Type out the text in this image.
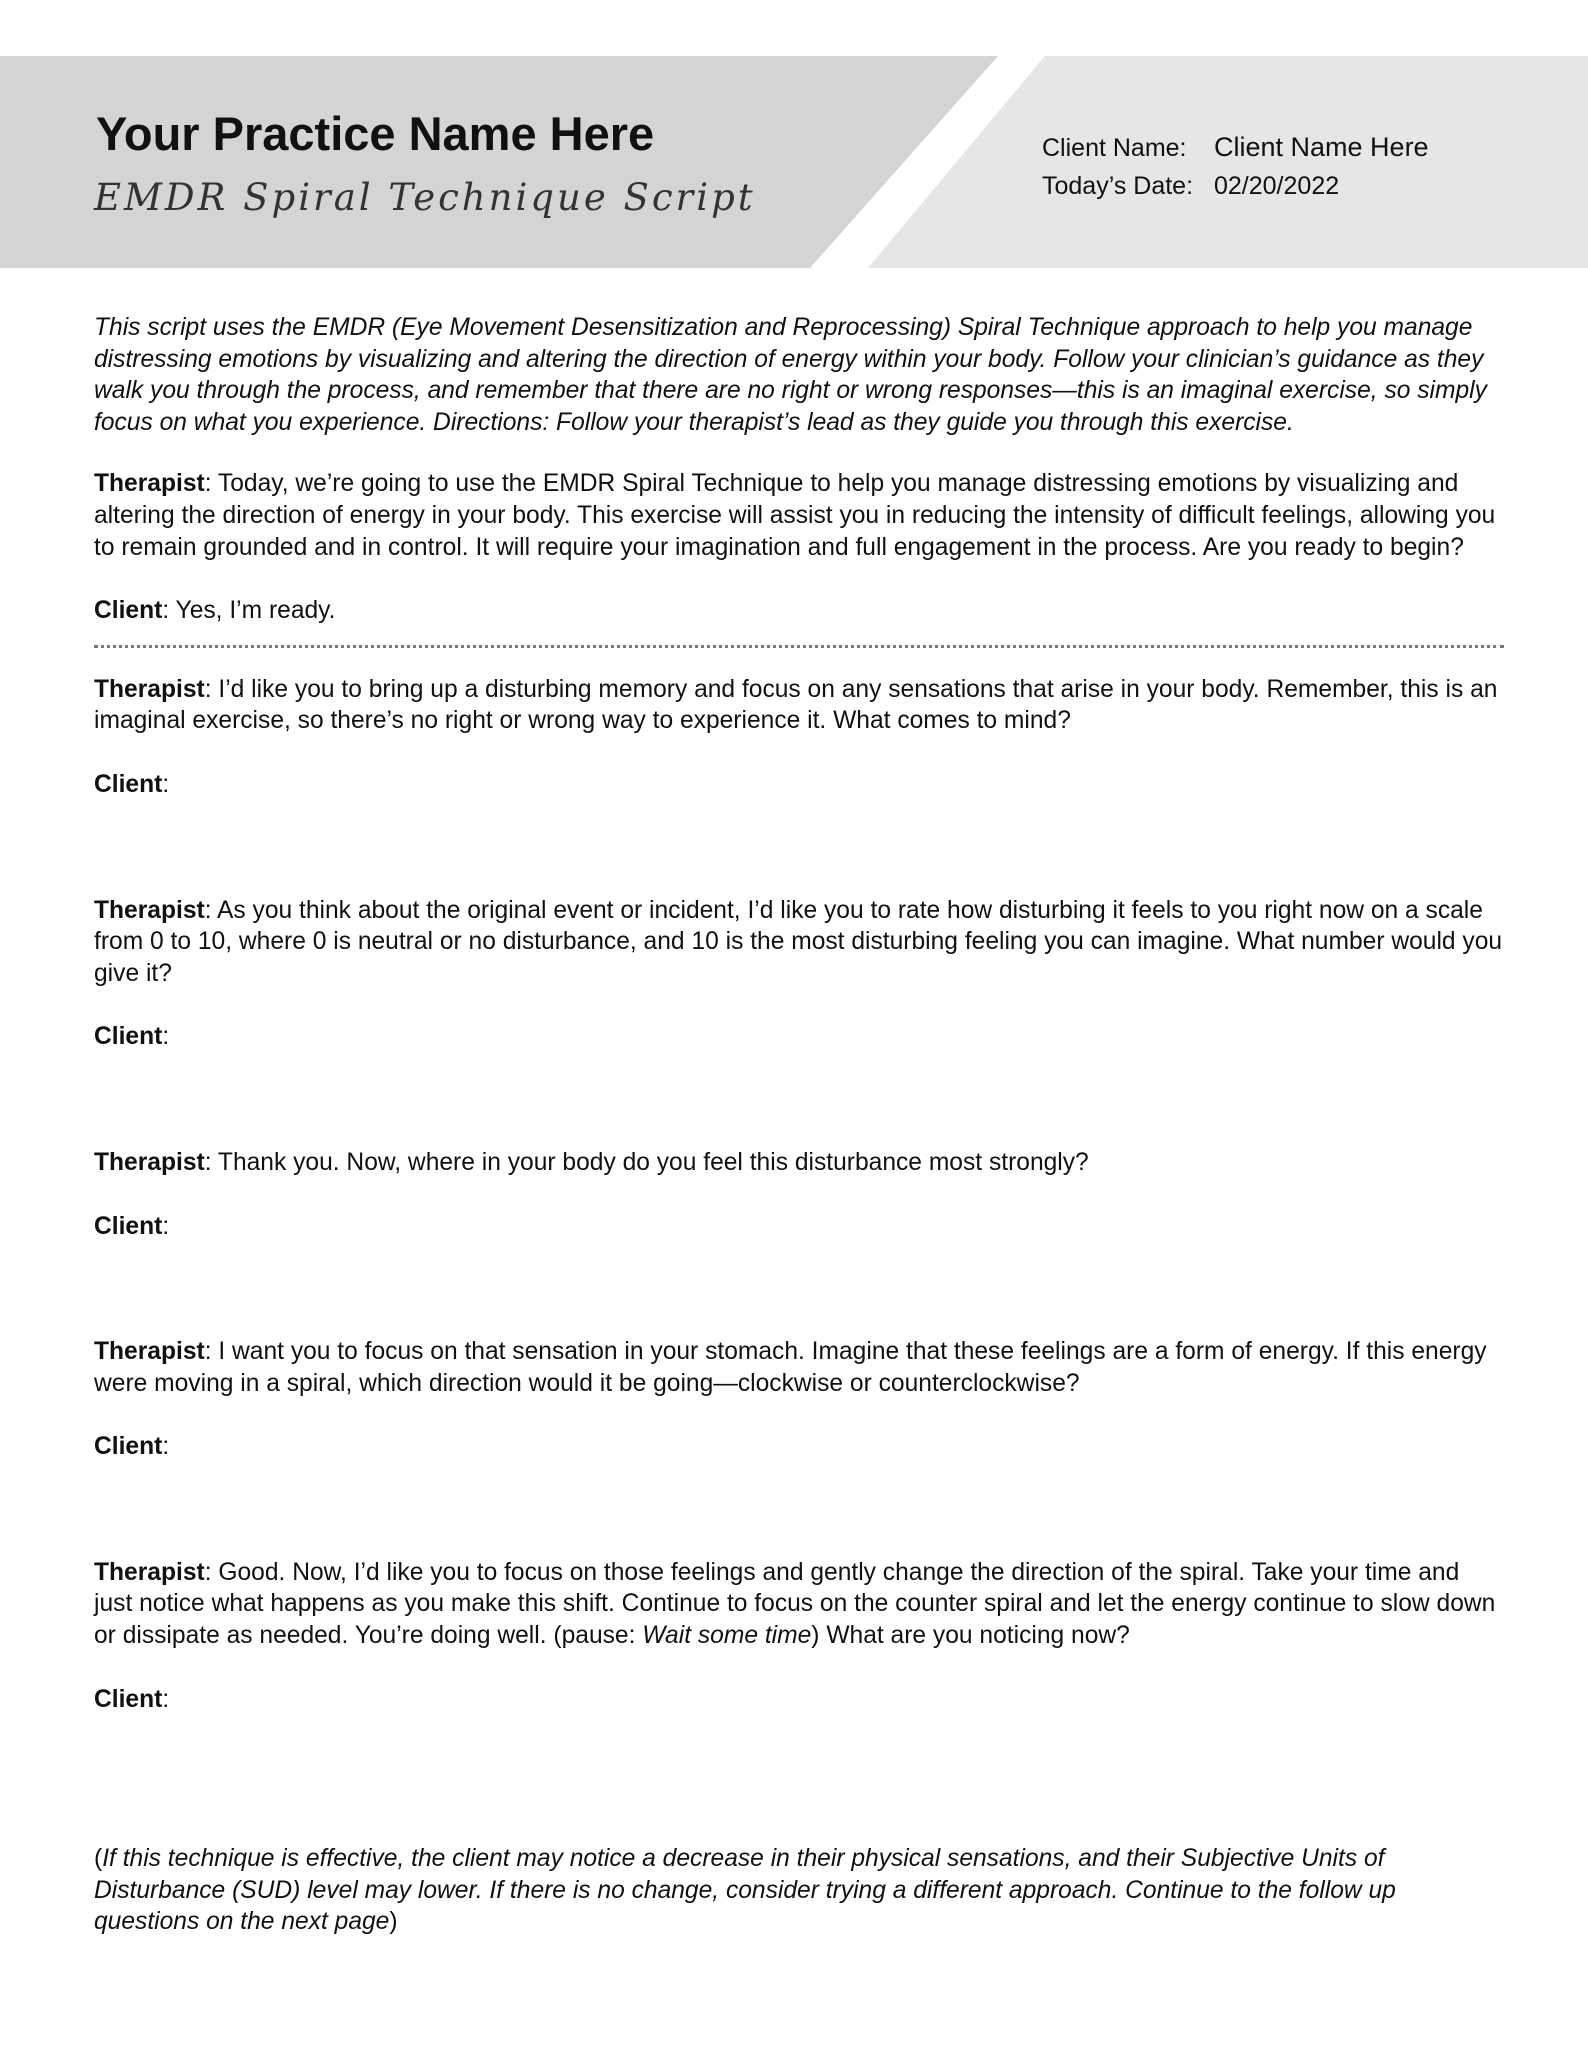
Your Practice Name Here
EMDR Spiral Technique Script
Client Name:	Client Name Here
Today’s Date: 02/20/2022

This script uses the EMDR (Eye Movement Desensitization and Reprocessing) Spiral Technique approach to help you manage distressing emotions by visualizing and altering the direction of energy within your body. Follow your clinician’s guidance as they walk you through the process, and remember that there are no right or wrong responses—this is an imaginal exercise, so simply focus on what you experience. Directions: Follow your therapist’s lead as they guide you through this exercise.

Therapist: Today, we’re going to use the EMDR Spiral Technique to help you manage distressing emotions by visualizing and altering the direction of energy in your body. This exercise will assist you in reducing the intensity of difficult feelings, allowing you to remain grounded and in control. It will require your imagination and full engagement in the process. Are you ready to begin?

Client: Yes, I’m ready.

Therapist: I’d like you to bring up a disturbing memory and focus on any sensations that arise in your body. Remember, this is an imaginal exercise, so there’s no right or wrong way to experience it. What comes to mind?

Client:

Therapist: As you think about the original event or incident, I’d like you to rate how disturbing it feels to you right now on a scale from 0 to 10, where 0 is neutral or no disturbance, and 10 is the most disturbing feeling you can imagine. What number would you give it?

Client:

Therapist: Thank you. Now, where in your body do you feel this disturbance most strongly?

Client:

Therapist: I want you to focus on that sensation in your stomach. Imagine that these feelings are a form of energy. If this energy were moving in a spiral, which direction would it be going—clockwise or counterclockwise?

Client:

Therapist: Good. Now, I’d like you to focus on those feelings and gently change the direction of the spiral. Take your time and just notice what happens as you make this shift. Continue to focus on the counter spiral and let the energy continue to slow down or dissipate as needed. You’re doing well. (pause: Wait some time) What are you noticing now?

Client:

(If this technique is effective, the client may notice a decrease in their physical sensations, and their Subjective Units of Disturbance (SUD) level may lower. If there is no change, consider trying a different approach. Continue to the follow up questions on the next page)
